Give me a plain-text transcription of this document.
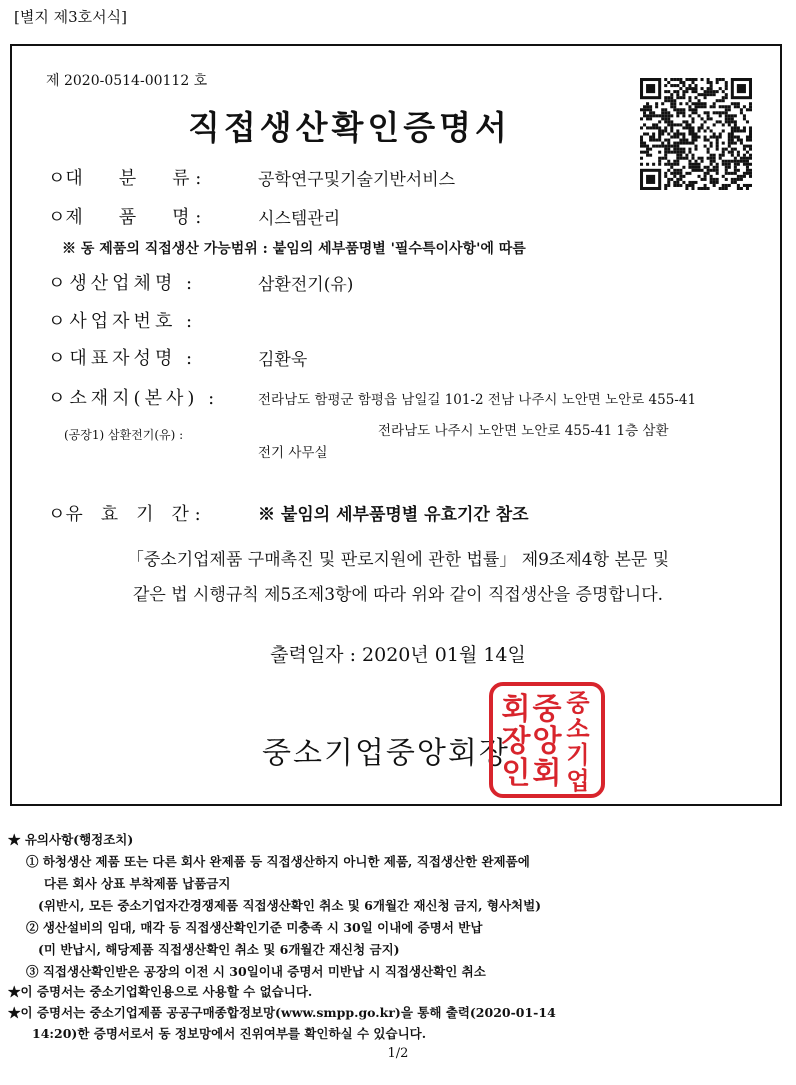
[별지 제3호서식]
제 2020-0514-00112 호
직접생산확인증명서
ㅇ대　　분　　류 :	공학연구및기술기반서비스
ㅇ제　　품　　명 :	시스템관리
※ 동 제품의 직접생산 가능범위 : 붙임의 세부품명별 '필수특이사항'에 따름
ㅇ생산업체명 :	삼환전기(유)
ㅇ사업자번호 :
ㅇ대표자성명 :	김환욱
ㅇ소재지(본사) :	전라남도 함평군 함평읍 남일길 101-2 전남 나주시 노안면 노안로 455-41
(공장1) 삼환전기(유) :	전라남도 나주시 노안면 노안로 455-41 1층 삼환
전기 사무실
ㅇ유　효　기　간 :	※ 붙임의 세부품명별 유효기간 참조
「중소기업제품 구매촉진 및 판로지원에 관한 법률」 제9조제4항 본문 및
같은 법 시행규칙 제5조제3항에 따라 위와 같이 직접생산을 증명합니다.
출력일자 : 2020년 01월 14일
중소기업중앙회장
중
소
기
업
중
앙
회
회
장
인
★ 유의사항(행정조치)
① 하청생산 제품 또는 다른 회사 완제품 등 직접생산하지 아니한 제품, 직접생산한 완제품에
다른 회사 상표 부착제품 납품금지
(위반시, 모든 중소기업자간경쟁제품 직접생산확인 취소 및 6개월간 재신청 금지, 형사처벌)
② 생산설비의 임대, 매각 등 직접생산확인기준 미충족 시 30일 이내에 증명서 반납
(미 반납시, 해당제품 직접생산확인 취소 및 6개월간 재신청 금지)
③ 직접생산확인받은 공장의 이전 시 30일이내 증명서 미반납 시 직접생산확인 취소
★이 증명서는 중소기업확인용으로 사용할 수 없습니다.
★이 증명서는 중소기업제품 공공구매종합정보망(www.smpp.go.kr)을 통해 출력(2020-01-14
14:20)한 증명서로서 동 정보망에서 진위여부를 확인하실 수 있습니다.
1/2
